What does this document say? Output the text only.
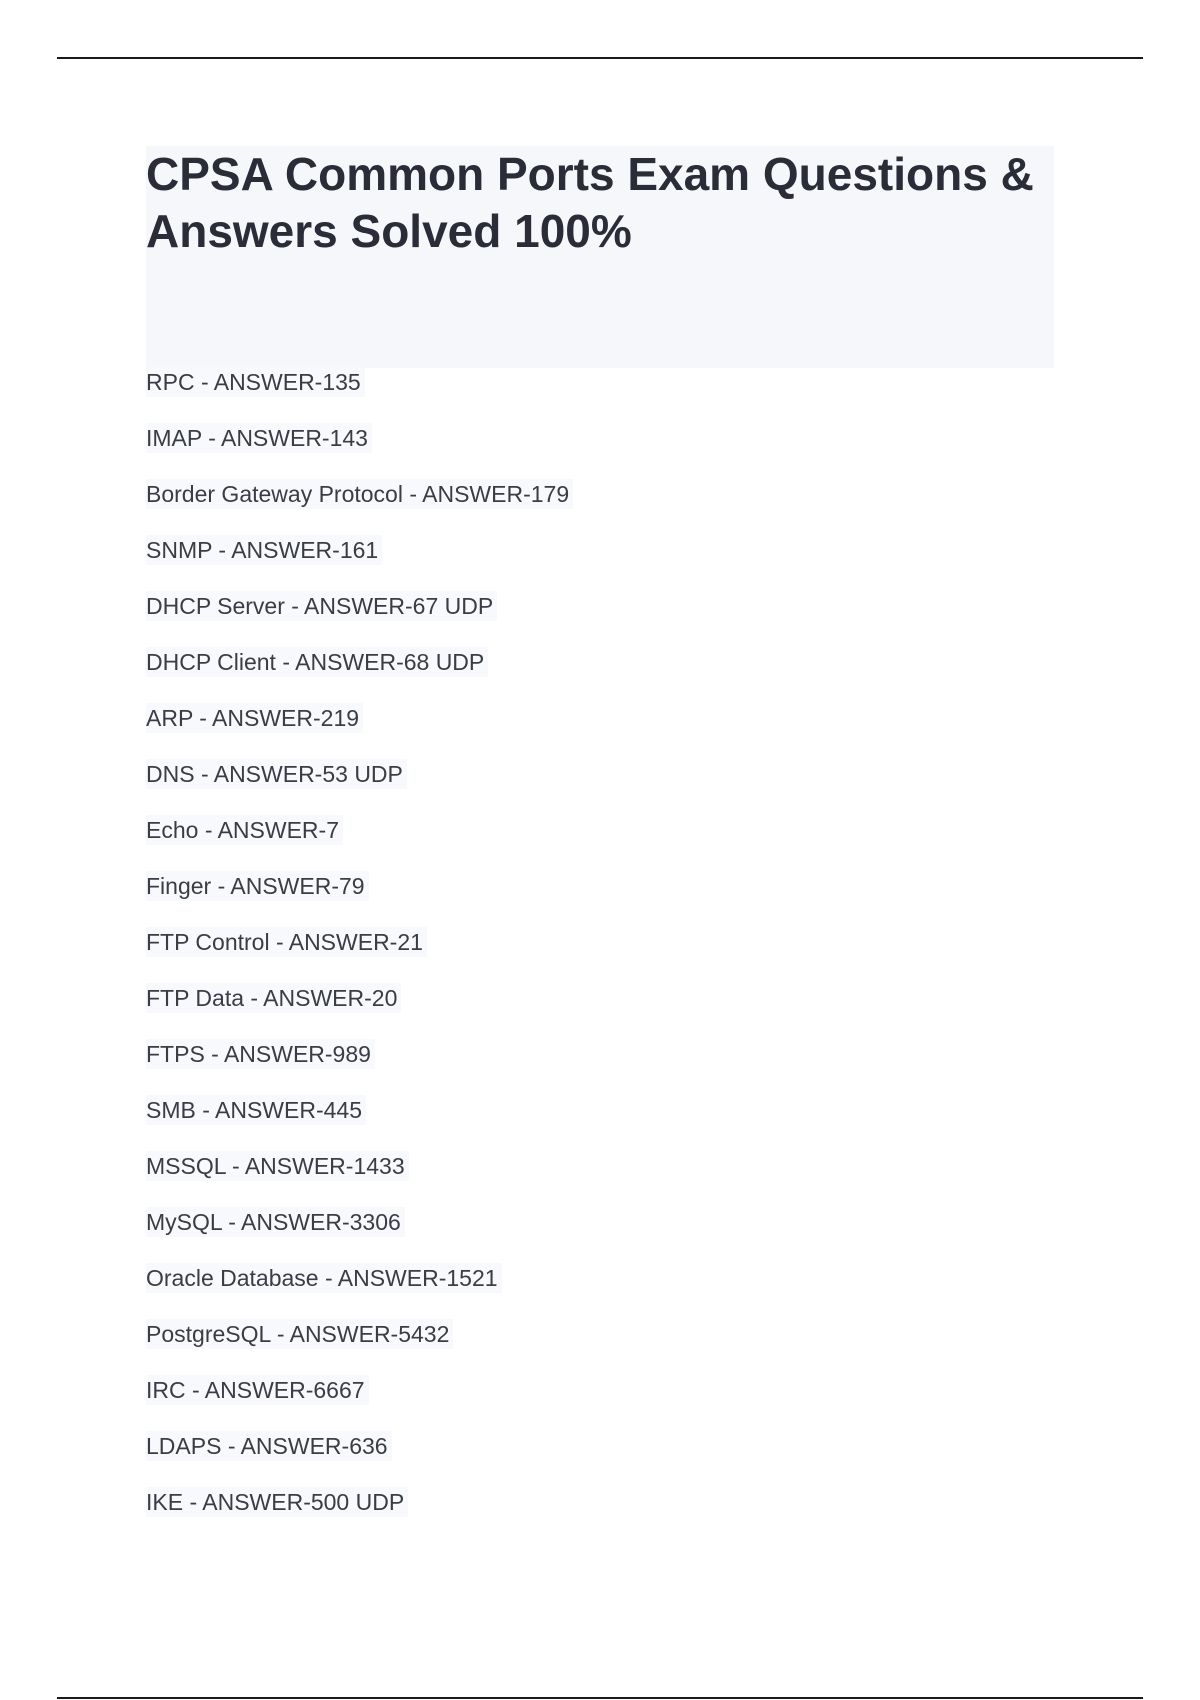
CPSA Common Ports Exam Questions & Answers Solved 100%
RPC - ANSWER-135
IMAP - ANSWER-143
Border Gateway Protocol - ANSWER-179
SNMP - ANSWER-161
DHCP Server - ANSWER-67 UDP
DHCP Client - ANSWER-68 UDP
ARP - ANSWER-219
DNS - ANSWER-53 UDP
Echo - ANSWER-7
Finger - ANSWER-79
FTP Control - ANSWER-21
FTP Data - ANSWER-20
FTPS - ANSWER-989
SMB - ANSWER-445
MSSQL - ANSWER-1433
MySQL - ANSWER-3306
Oracle Database - ANSWER-1521
PostgreSQL - ANSWER-5432
IRC - ANSWER-6667
LDAPS - ANSWER-636
IKE - ANSWER-500 UDP
